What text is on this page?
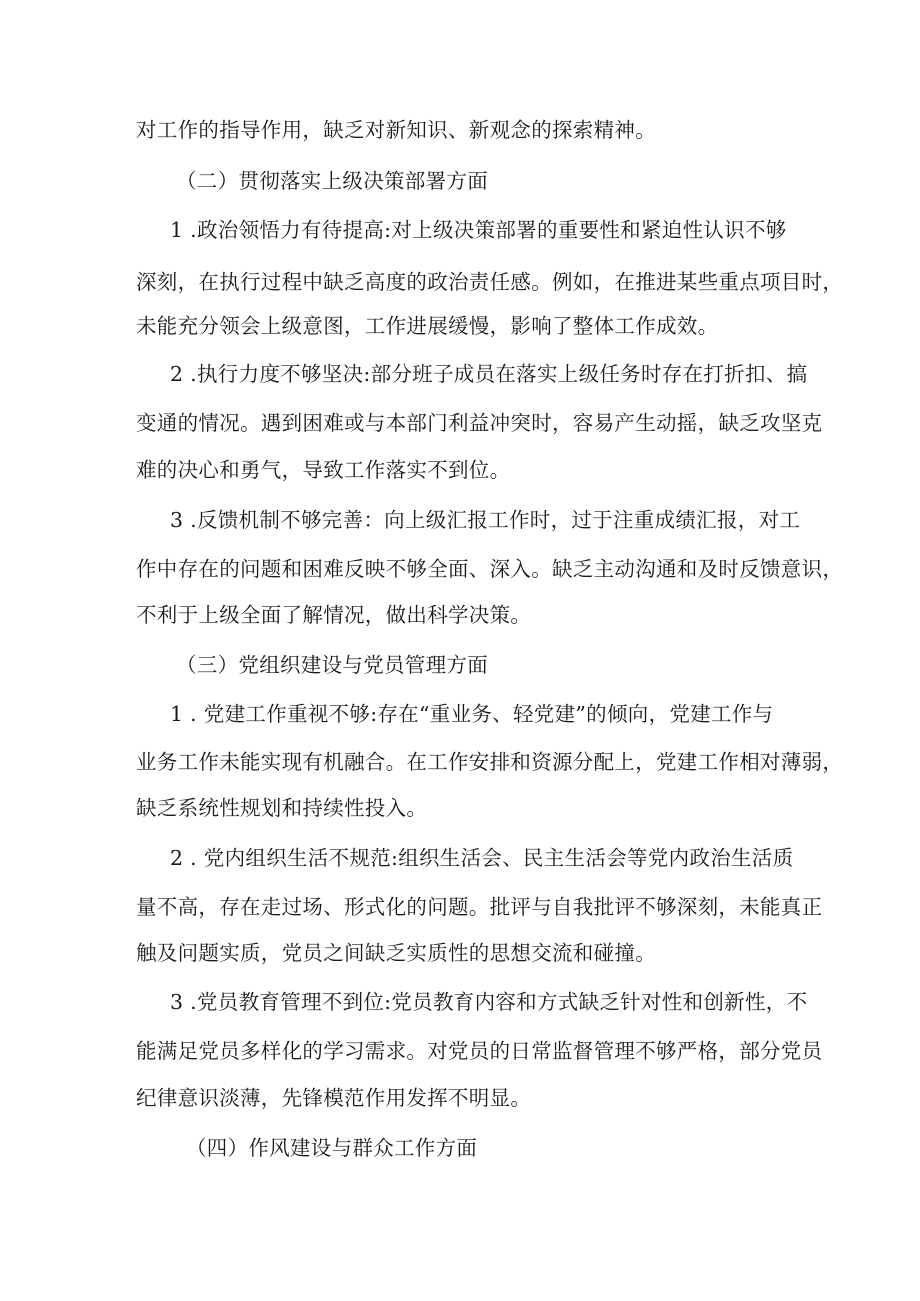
对工作的指导作用，缺乏对新知识、新观念的探索精神。
（二）贯彻落实上级决策部署方面
1 .政治领悟力有待提高:对上级决策部署的重要性和紧迫性认识不够
深刻，在执行过程中缺乏高度的政治责任感。例如，在推进某些重点项目时，
未能充分领会上级意图，工作进展缓慢，影响了整体工作成效。
2 .执行力度不够坚决:部分班子成员在落实上级任务时存在打折扣、搞
变通的情况。遇到困难或与本部门利益冲突时，容易产生动摇，缺乏攻坚克
难的决心和勇气，导致工作落实不到位。
3 .反馈机制不够完善：向上级汇报工作时，过于注重成绩汇报，对工
作中存在的问题和困难反映不够全面、深入。缺乏主动沟通和及时反馈意识，
不利于上级全面了解情况，做出科学决策。
（三）党组织建设与党员管理方面
1 . 党建工作重视不够:存在“重业务、轻党建”的倾向，党建工作与
业务工作未能实现有机融合。在工作安排和资源分配上，党建工作相对薄弱，
缺乏系统性规划和持续性投入。
2 . 党内组织生活不规范:组织生活会、民主生活会等党内政治生活质
量不高，存在走过场、形式化的问题。批评与自我批评不够深刻，未能真正
触及问题实质，党员之间缺乏实质性的思想交流和碰撞。
3 .党员教育管理不到位:党员教育内容和方式缺乏针对性和创新性，不
能满足党员多样化的学习需求。对党员的日常监督管理不够严格，部分党员
纪律意识淡薄，先锋模范作用发挥不明显。
（四）作风建设与群众工作方面
